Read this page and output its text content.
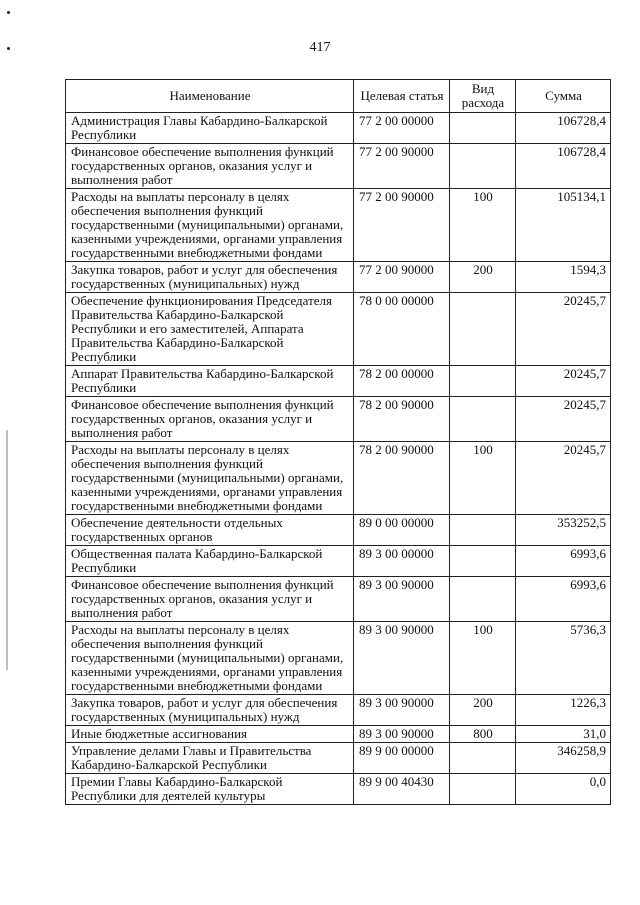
417
Наименование	Целевая статья	Вид расхода	Сумма
Администрация Главы Кабардино-Балкарской Республики	77 2 00 00000		106728,4
Финансовое обеспечение выполнения функций государственных органов, оказания услуг и выполнения работ	77 2 00 90000		106728,4
Расходы на выплаты персоналу в целях обеспечения выполнения функций государственными (муниципальными) органами, казенными учреждениями, органами управления государственными внебюджетными фондами	77 2 00 90000	100	105134,1
Закупка товаров, работ и услуг для обеспечения государственных (муниципальных) нужд	77 2 00 90000	200	1594,3
Обеспечение функционирования Председателя Правительства Кабардино-Балкарской Республики и его заместителей, Аппарата Правительства Кабардино-Балкарской Республики	78 0 00 00000		20245,7
Аппарат Правительства Кабардино-Балкарской Республики	78 2 00 00000		20245,7
Финансовое обеспечение выполнения функций государственных органов, оказания услуг и выполнения работ	78 2 00 90000		20245,7
Расходы на выплаты персоналу в целях обеспечения выполнения функций государственными (муниципальными) органами, казенными учреждениями, органами управления государственными внебюджетными фондами	78 2 00 90000	100	20245,7
Обеспечение деятельности отдельных государственных органов	89 0 00 00000		353252,5
Общественная палата Кабардино-Балкарской Республики	89 3 00 00000		6993,6
Финансовое обеспечение выполнения функций государственных органов, оказания услуг и выполнения работ	89 3 00 90000		6993,6
Расходы на выплаты персоналу в целях обеспечения выполнения функций государственными (муниципальными) органами, казенными учреждениями, органами управления государственными внебюджетными фондами	89 3 00 90000	100	5736,3
Закупка товаров, работ и услуг для обеспечения государственных (муниципальных) нужд	89 3 00 90000	200	1226,3
Иные бюджетные ассигнования	89 3 00 90000	800	31,0
Управление делами Главы и Правительства Кабардино-Балкарской Республики	89 9 00 00000		346258,9
Премии Главы Кабардино-Балкарской Республики для деятелей культуры	89 9 00 40430		0,0
